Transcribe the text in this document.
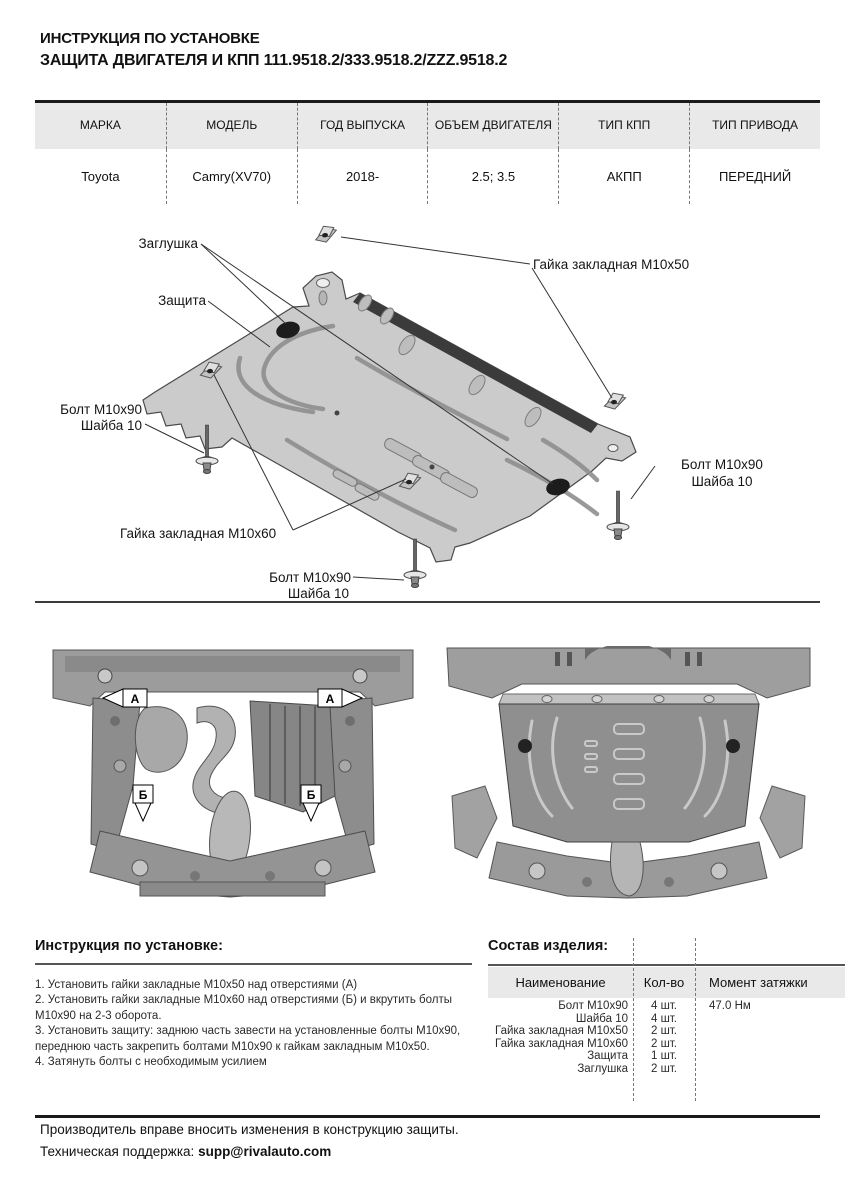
ИНСТРУКЦИЯ ПО УСТАНОВКЕ
ЗАЩИТА ДВИГАТЕЛЯ И КПП 111.9518.2/333.9518.2/ZZZ.9518.2
МАРКА	МОДЕЛЬ	ГОД ВЫПУСКА	ОБЪЕМ ДВИГАТЕЛЯ	ТИП КПП	ТИП ПРИВОДА
Toyota	Camry(XV70)	2018-	2.5; 3.5	АКПП	ПЕРЕДНИЙ
Заглушка
Защита
Гайка закладная М10х50
Болт М10х90
Шайба 10
Гайка закладная М10х60
Болт М10х90
Шайба 10
Болт М10х90
Шайба 10
А	А
Б	Б
Инструкция по установке:
1. Установить гайки закладные М10х50 над отверстиями (А)
2. Установить гайки закладные М10х60 над отверстиями (Б) и вкрутить болты М10х90 на 2-3 оборота.
3. Установить защиту: заднюю часть завести на установленные болты М10х90, переднюю часть закрепить болтами М10х90 к гайкам закладным М10х50.
4. Затянуть болты с необходимым усилием
Состав изделия:
Наименование	Кол-во	Момент затяжки
Болт М10х90	4 шт.	47.0 Нм
Шайба 10	4 шт.
Гайка закладная М10х50	2 шт.
Гайка закладная М10х60	2 шт.
Защита	1 шт.
Заглушка	2 шт.
Производитель вправе вносить изменения в конструкцию защиты.
Техническая поддержка: supp@rivalauto.com
